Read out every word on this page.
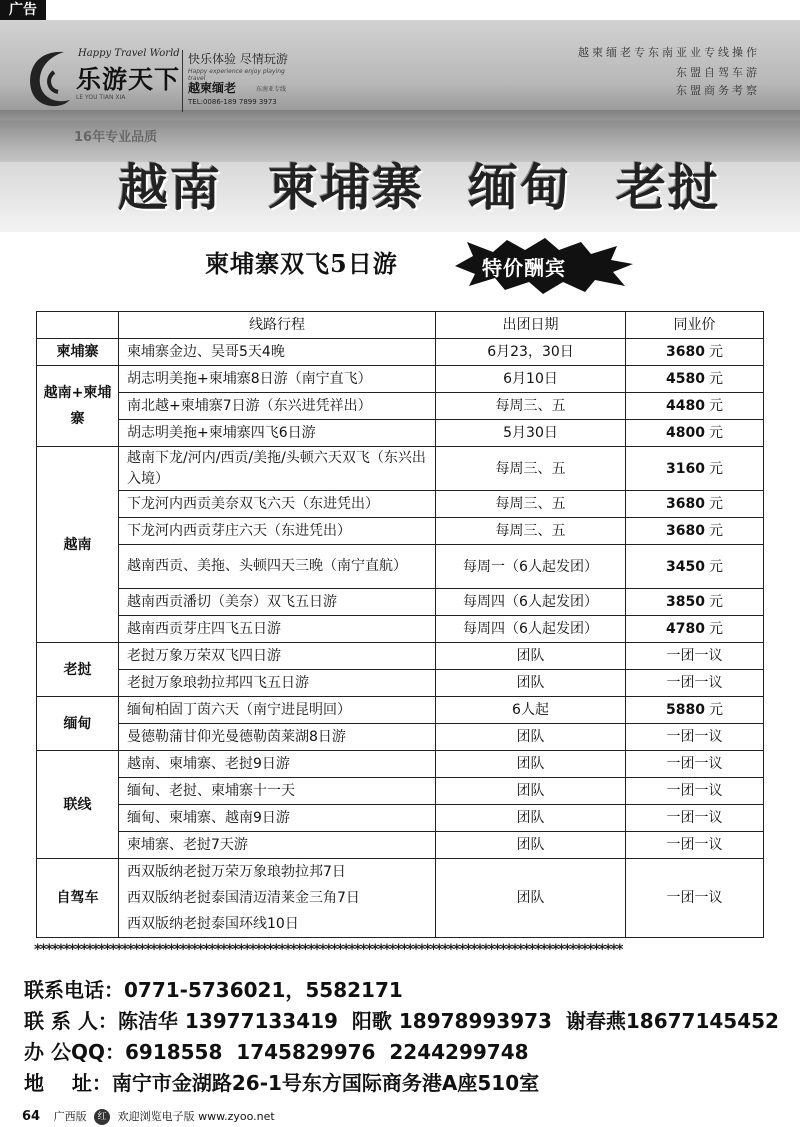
广告
Happy Travel World
乐游天下
LE YOU TIAN XIA
快乐体验 尽情玩游
Happy experience enjoy playing travel
越柬缅老	东南亚专线
TEL:0086-189 7899 3973
越柬缅老专东南亚业专线操作
东盟自驾车游
东盟商务考察
16年专业品质
越南 柬埔寨 缅甸 老挝
柬埔寨双飞5日游	特价酬宾
	线路行程	出团日期	同业价
柬埔寨	柬埔寨金边、吴哥5天4晚	6月23，30日	3680 元
越南+柬埔寨	胡志明美拖+柬埔寨8日游（南宁直飞）	6月10日	4580 元

	南北越+柬埔寨7日游（东兴进凭祥出）	每周三、五	4480 元

	胡志明美拖+柬埔寨四飞6日游	5月30日	4800 元
越南	越南下龙/河内/西贡/美拖/头顿六天双飞（东兴出入境）	每周三、五	3160 元

	下龙河内西贡美奈双飞六天（东进凭出）	每周三、五	3680 元

	下龙河内西贡芽庄六天（东进凭出）	每周三、五	3680 元

	越南西贡、美拖、头顿四天三晚（南宁直航）	每周一（6人起发团）	3450 元

	越南西贡潘切（美奈）双飞五日游	每周四（6人起发团）	3850 元

	越南西贡芽庄四飞五日游	每周四（6人起发团）	4780 元
老挝	老挝万象万荣双飞四日游	团队	一团一议

	老挝万象琅勃拉邦四飞五日游	团队	一团一议
缅甸	缅甸柏固丁茵六天（南宁进昆明回）	6人起	5880 元

	曼德勒蒲甘仰光曼德勒茵莱湖8日游	团队	一团一议
联线	越南、柬埔寨、老挝9日游	团队	一团一议

	缅甸、老挝、柬埔寨十一天	团队	一团一议

	缅甸、柬埔寨、越南9日游	团队	一团一议

	柬埔寨、老挝7天游	团队	一团一议
自驾车	西双版纳老挝万荣万象琅勃拉邦7日
西双版纳老挝泰国清迈清莱金三角7日
西双版纳老挝泰国环线10日	团队	一团一议
*****************************************************************************************************
联系电话：0771-5736021，5582171
联 系 人：陈洁华 13977133419  阳歌 18978993973  谢春燕18677145452
办 公QQ：6918558  1745829976  2244299748
地    址：南宁市金湖路26-1号东方国际商务港A座510室
64 广西版 红 欢迎浏览电子版 www.zyoo.net
